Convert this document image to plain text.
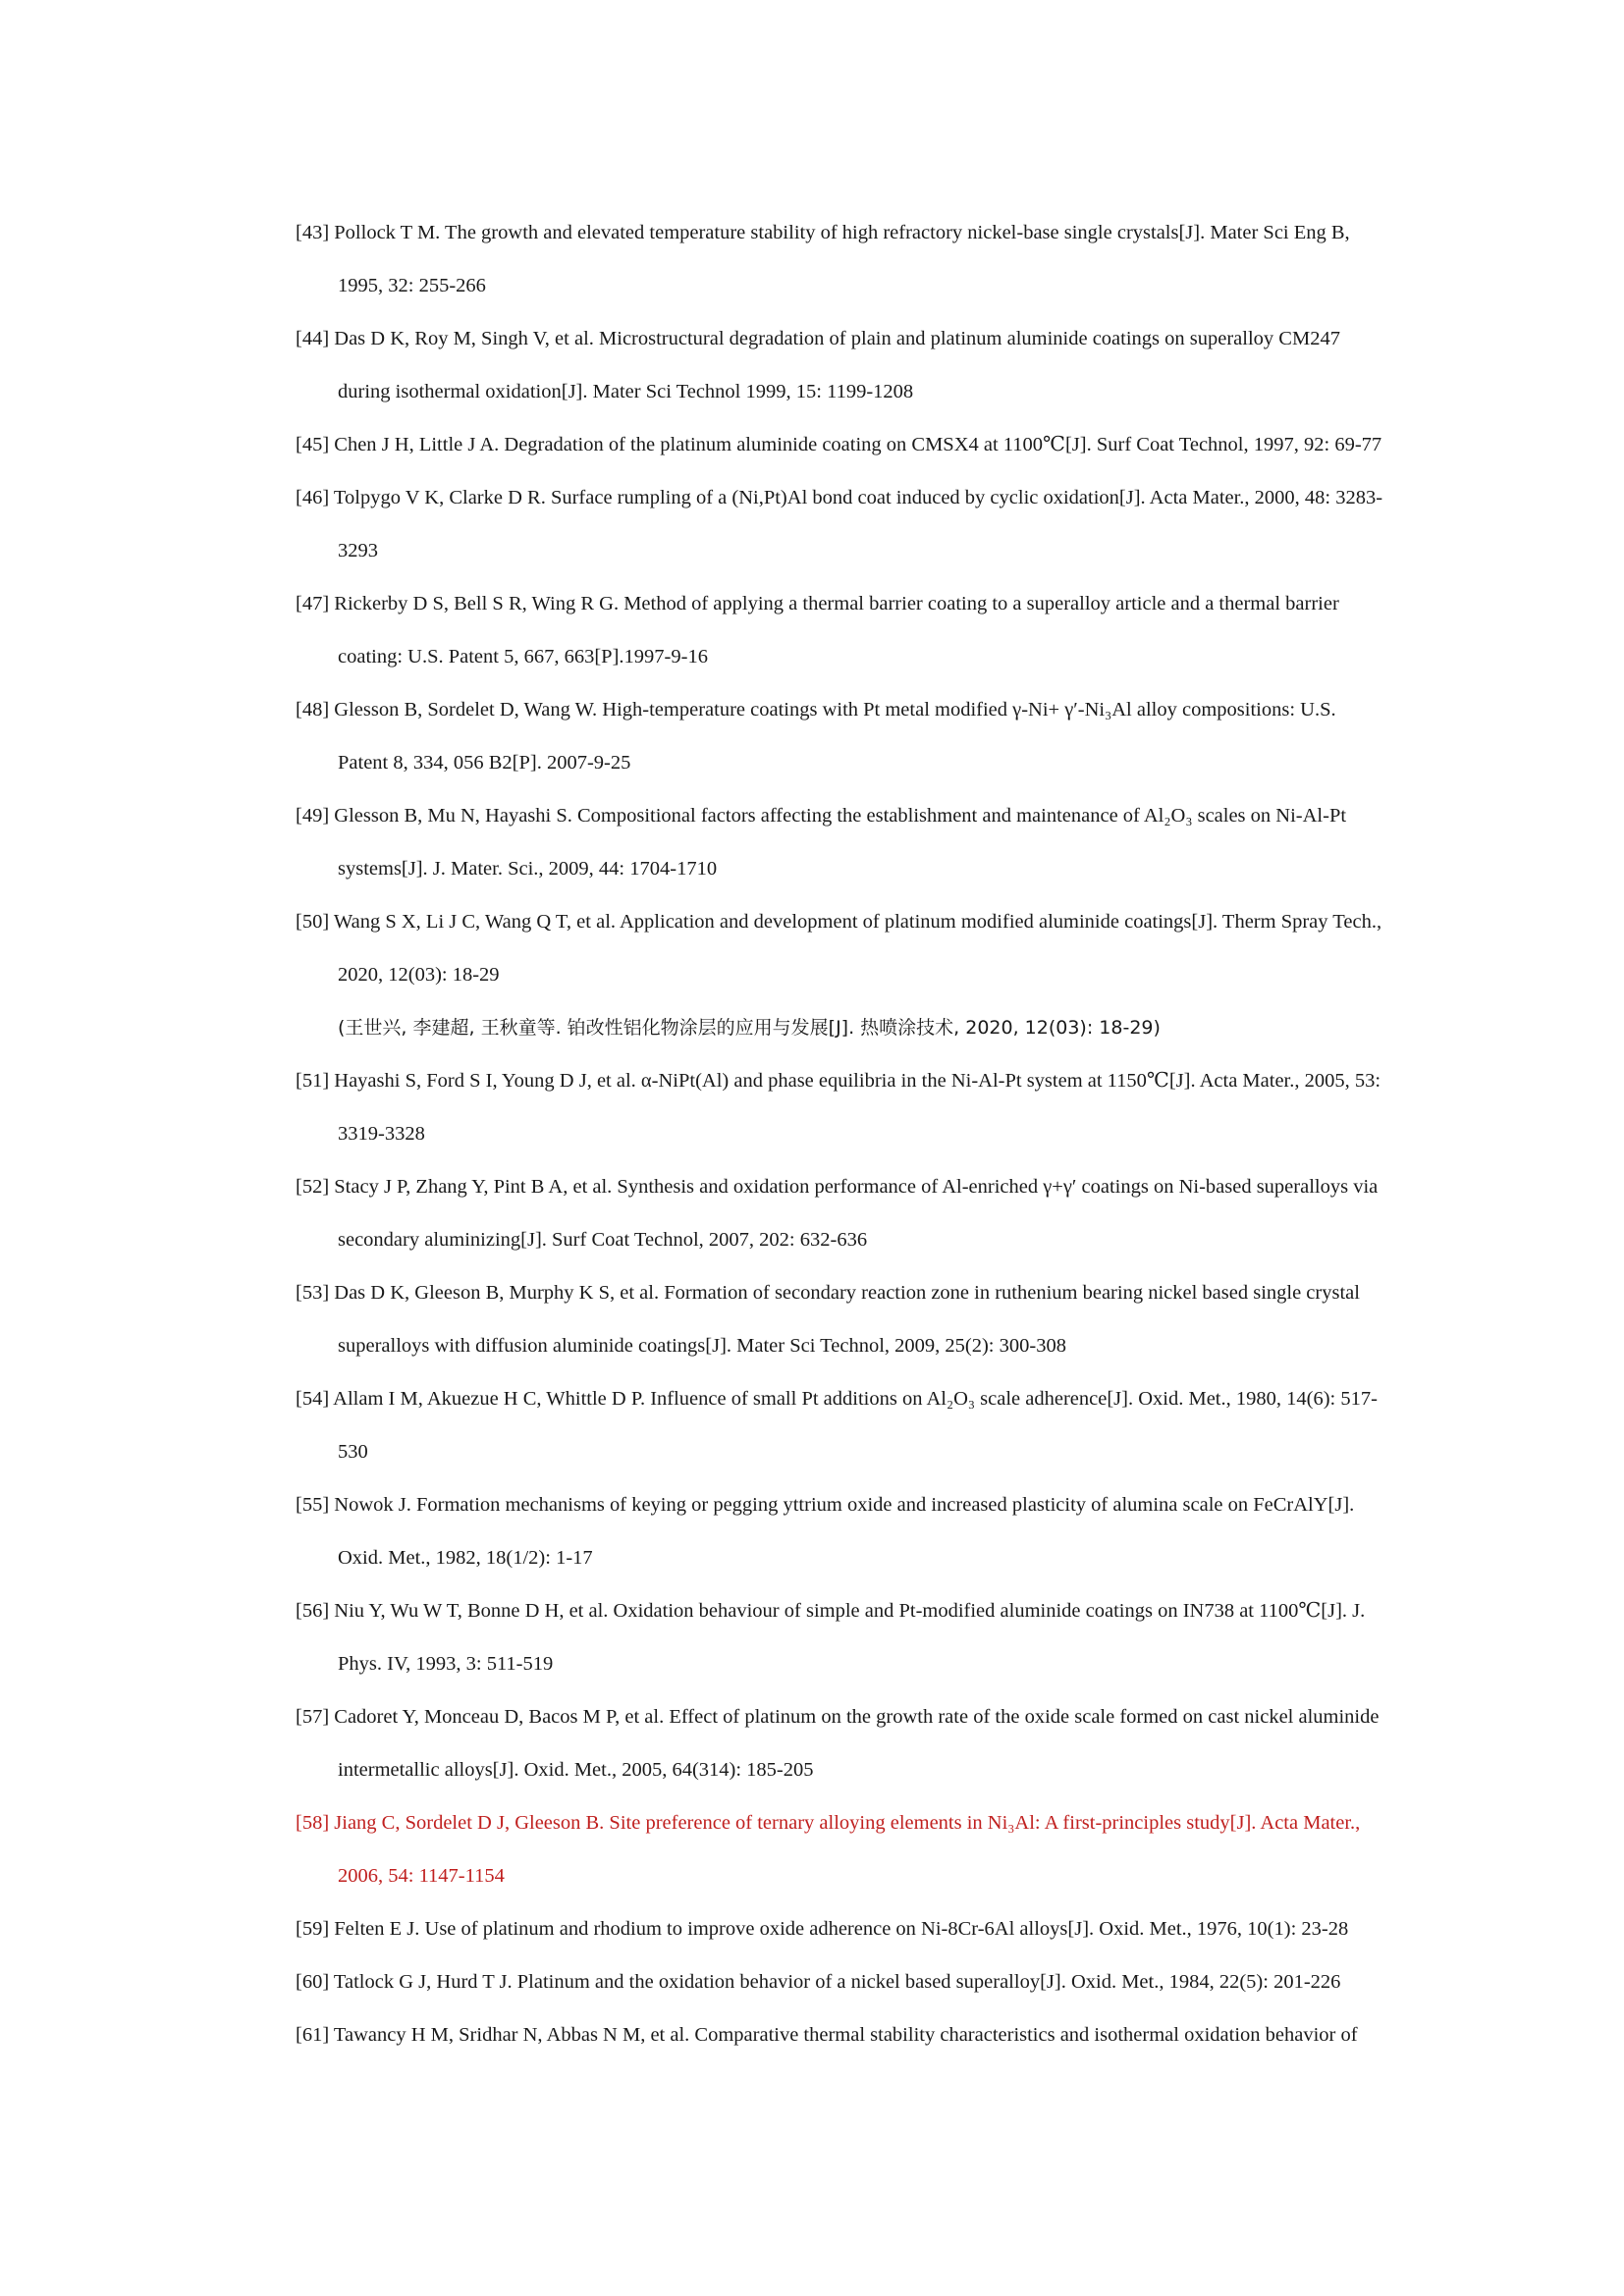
[43] Pollock T M. The growth and elevated temperature stability of high refractory nickel-base single crystals[J]. Mater Sci Eng B, 1995, 32: 255-266
[44] Das D K, Roy M, Singh V, et al. Microstructural degradation of plain and platinum aluminide coatings on superalloy CM247 during isothermal oxidation[J]. Mater Sci Technol 1999, 15: 1199-1208
[45] Chen J H, Little J A. Degradation of the platinum aluminide coating on CMSX4 at 1100℃[J]. Surf Coat Technol, 1997, 92: 69-77
[46] Tolpygo V K, Clarke D R. Surface rumpling of a (Ni,Pt)Al bond coat induced by cyclic oxidation[J]. Acta Mater., 2000, 48: 3283-3293
[47] Rickerby D S, Bell S R, Wing R G. Method of applying a thermal barrier coating to a superalloy article and a thermal barrier coating: U.S. Patent 5, 667, 663[P].1997-9-16
[48] Glesson B, Sordelet D, Wang W. High-temperature coatings with Pt metal modified γ-Ni+ γ′-Ni₃Al alloy compositions: U.S. Patent 8, 334, 056 B2[P]. 2007-9-25
[49] Glesson B, Mu N, Hayashi S. Compositional factors affecting the establishment and maintenance of Al₂O₃ scales on Ni-Al-Pt systems[J]. J. Mater. Sci., 2009, 44: 1704-1710
[50] Wang S X, Li J C, Wang Q T, et al. Application and development of platinum modified aluminide coatings[J]. Therm Spray Tech., 2020, 12(03): 18-29
(王世兴, 李建超, 王秋童等. 铂改性铝化物涂层的应用与发展[J]. 热喷涂技术, 2020, 12(03): 18-29)
[51] Hayashi S, Ford S I, Young D J, et al. α-NiPt(Al) and phase equilibria in the Ni-Al-Pt system at 1150℃[J]. Acta Mater., 2005, 53: 3319-3328
[52] Stacy J P, Zhang Y, Pint B A, et al. Synthesis and oxidation performance of Al-enriched γ+γ′ coatings on Ni-based superalloys via secondary aluminizing[J]. Surf Coat Technol, 2007, 202: 632-636
[53] Das D K, Gleeson B, Murphy K S, et al. Formation of secondary reaction zone in ruthenium bearing nickel based single crystal superalloys with diffusion aluminide coatings[J]. Mater Sci Technol, 2009, 25(2): 300-308
[54] Allam I M, Akuezue H C, Whittle D P. Influence of small Pt additions on Al₂O₃ scale adherence[J]. Oxid. Met., 1980, 14(6): 517-530
[55] Nowok J. Formation mechanisms of keying or pegging yttrium oxide and increased plasticity of alumina scale on FeCrAlY[J]. Oxid. Met., 1982, 18(1/2): 1-17
[56] Niu Y, Wu W T, Bonne D H, et al. Oxidation behaviour of simple and Pt-modified aluminide coatings on IN738 at 1100℃[J]. J. Phys. IV, 1993, 3: 511-519
[57] Cadoret Y, Monceau D, Bacos M P, et al. Effect of platinum on the growth rate of the oxide scale formed on cast nickel aluminide intermetallic alloys[J]. Oxid. Met., 2005, 64(314): 185-205
[58] Jiang C, Sordelet D J, Gleeson B. Site preference of ternary alloying elements in Ni₃Al: A first-principles study[J]. Acta Mater., 2006, 54: 1147-1154
[59] Felten E J. Use of platinum and rhodium to improve oxide adherence on Ni-8Cr-6Al alloys[J]. Oxid. Met., 1976, 10(1): 23-28
[60] Tatlock G J, Hurd T J. Platinum and the oxidation behavior of a nickel based superalloy[J]. Oxid. Met., 1984, 22(5): 201-226
[61] Tawancy H M, Sridhar N, Abbas N M, et al. Comparative thermal stability characteristics and isothermal oxidation behavior of
